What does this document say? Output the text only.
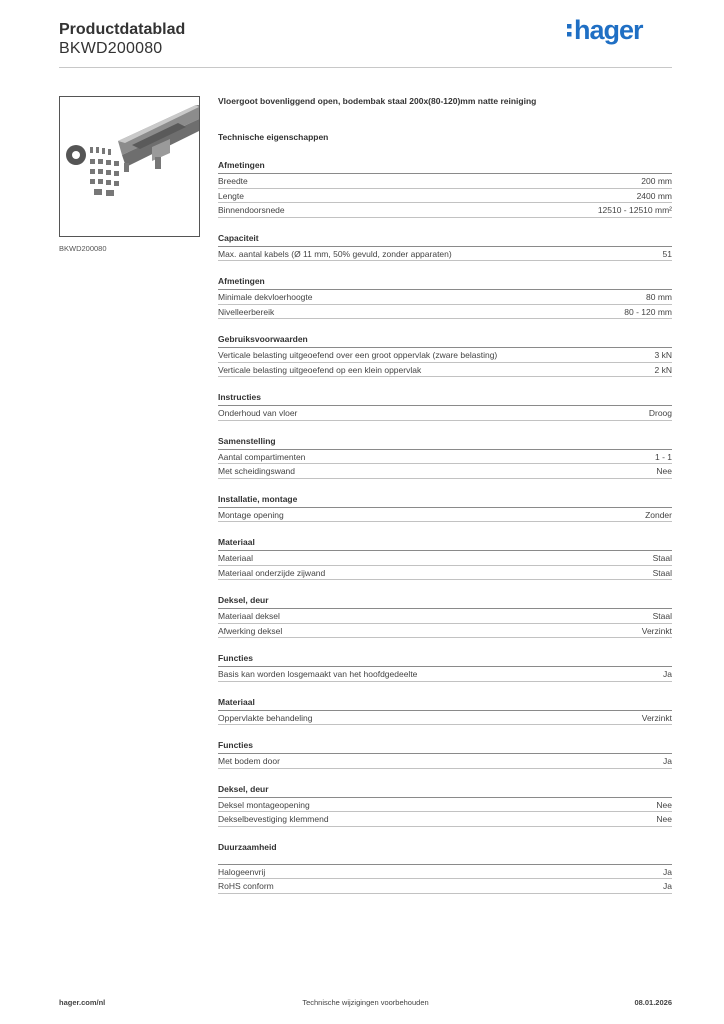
Productdatablad
BKWD200080
hager
BKWD200080
Vloergoot bovenliggend open, bodembak staal 200x(80-120)mm natte reiniging
Technische eigenschappen
Afmetingen
Breedte	200 mm
Lengte	2400 mm
Binnendoorsnede	12510 - 12510 mm²
Capaciteit
Max. aantal kabels (Ø 11 mm, 50% gevuld, zonder apparaten)	51
Afmetingen
Minimale dekvloerhoogte	80 mm
Nivelleerbereik	80 - 120 mm
Gebruiksvoorwaarden
Verticale belasting uitgeoefend over een groot oppervlak (zware belasting)	3 kN
Verticale belasting uitgeoefend op een klein oppervlak	2 kN
Instructies
Onderhoud van vloer	Droog
Samenstelling
Aantal compartimenten	1 - 1
Met scheidingswand	Nee
Installatie, montage
Montage opening	Zonder
Materiaal
Materiaal	Staal
Materiaal onderzijde zijwand	Staal
Deksel, deur
Materiaal deksel	Staal
Afwerking deksel	Verzinkt
Functies
Basis kan worden losgemaakt van het hoofdgedeelte	Ja
Materiaal
Oppervlakte behandeling	Verzinkt
Functies
Met bodem door	Ja
Deksel, deur
Deksel montageopening	Nee
Dekselbevestiging klemmend	Nee
Duurzaamheid
Halogeenvrij	Ja
RoHS conform	Ja
hager.com/nl	Technische wijzigingen voorbehouden	08.01.2026
